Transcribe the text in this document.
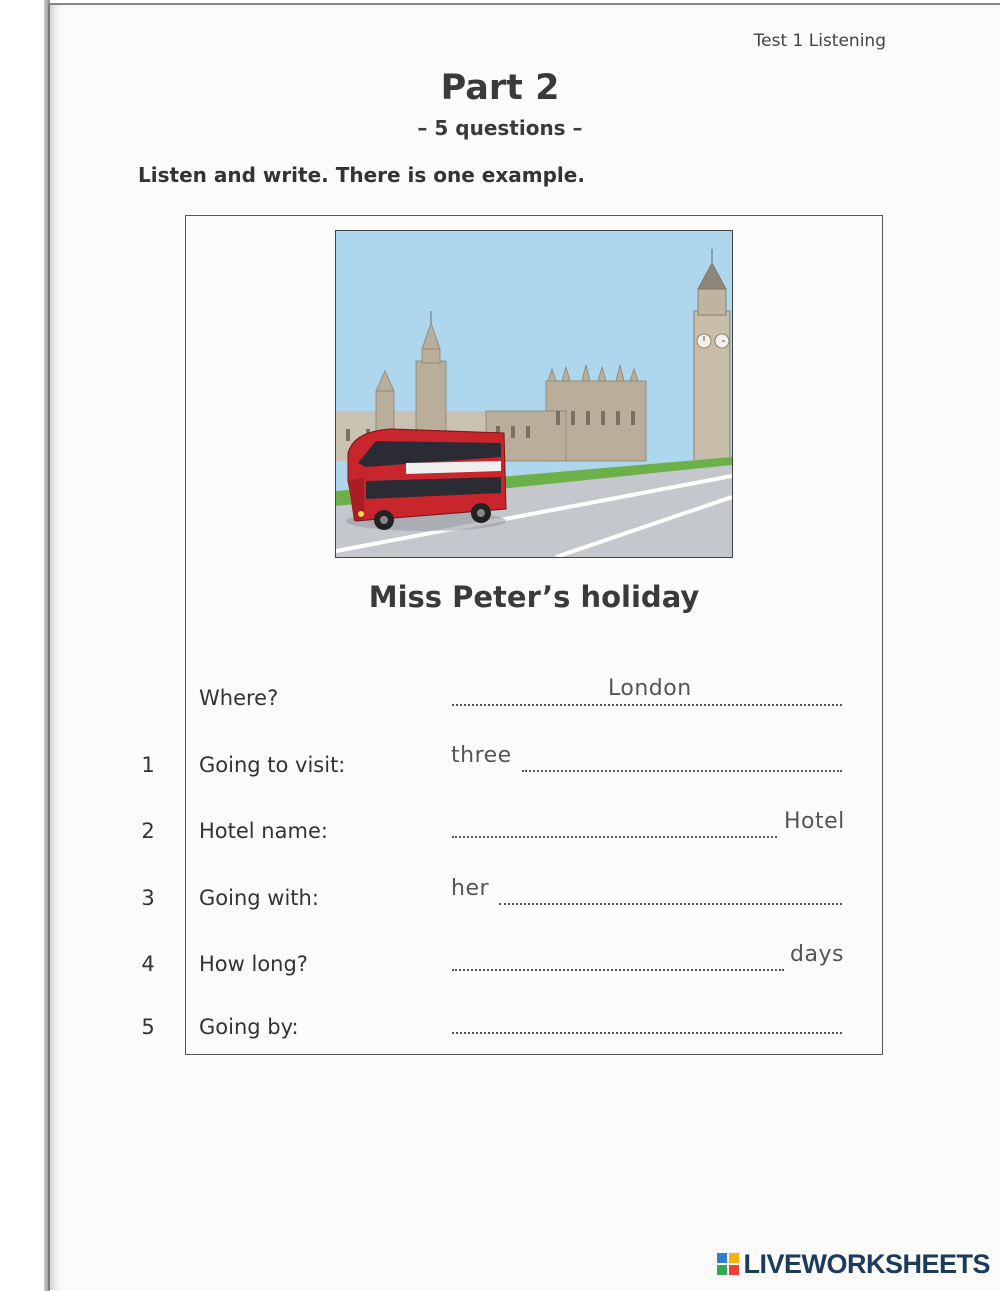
Test 1 Listening
Part 2
– 5 questions –
Listen and write. There is one example.
Miss Peter’s holiday
Where?	London
1 Going to visit:	three
2 Hotel name:	Hotel
3 Going with:	her
4 How long?	days
5 Going by:
LIVEWORKSHEETS
